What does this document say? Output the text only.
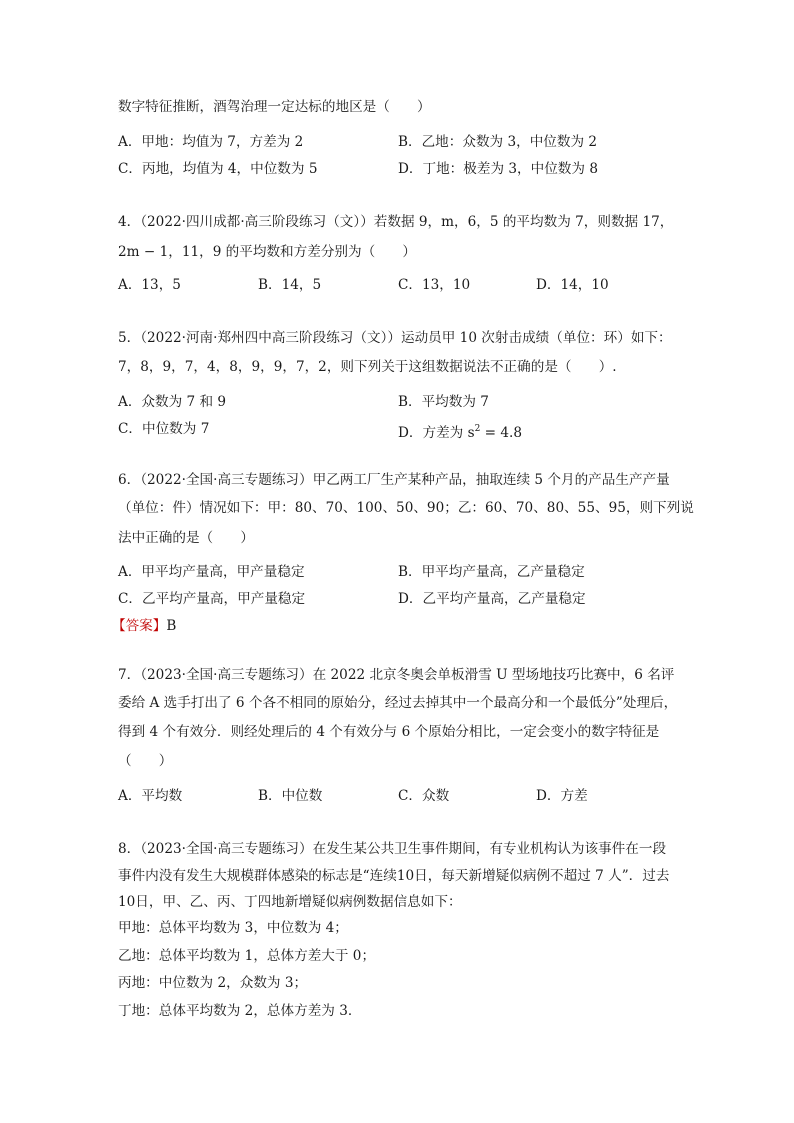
数字特征推断，酒驾治理一定达标的地区是（　　）
A．甲地：均值为 7，方差为 2	B．乙地：众数为 3，中位数为 2
C．丙地，均值为 4，中位数为 5	D．丁地：极差为 3，中位数为 8
4．（2022·四川成都·高三阶段练习（文））若数据 9，m，6，5 的平均数为 7，则数据 17，
2m − 1，11，9 的平均数和方差分别为（　　）
A．13，5	B．14，5	C．13，10	D．14，10
5．（2022·河南·郑州四中高三阶段练习（文））运动员甲 10 次射击成绩（单位：环）如下：
7，8，9，7，4，8，9，9，7，2，则下列关于这组数据说法不正确的是（　　）.
A．众数为 7 和 9	B．平均数为 7
C．中位数为 7	D．方差为 $s^2 = 4.8$
6．（2022·全国·高三专题练习）甲乙两工厂生产某种产品，抽取连续 5 个月的产品生产产量
（单位：件）情况如下：甲：80、70、100、50、90；乙：60、70、80、55、95，则下列说
法中正确的是（　　）
A．甲平均产量高，甲产量稳定	B．甲平均产量高，乙产量稳定
C．乙平均产量高，甲产量稳定	D．乙平均产量高，乙产量稳定
【答案】B
7．（2023·全国·高三专题练习）在 2022 北京冬奥会单板滑雪 U 型场地技巧比赛中，6 名评
委给 A 选手打出了 6 个各不相同的原始分，经过去掉其中一个最高分和一个最低分”处理后，
得到 4 个有效分．则经处理后的 4 个有效分与 6 个原始分相比，一定会变小的数字特征是
（　　）
A．平均数	B．中位数	C．众数	D．方差
8．（2023·全国·高三专题练习）在发生某公共卫生事件期间，有专业机构认为该事件在一段
事件内没有发生大规模群体感染的标志是“连续10日，每天新增疑似病例不超过 7 人”．过去
10日，甲、乙、丙、丁四地新增疑似病例数据信息如下：
甲地：总体平均数为 3，中位数为 4；
乙地：总体平均数为 1，总体方差大于 0；
丙地：中位数为 2，众数为 3；
丁地：总体平均数为 2，总体方差为 3．
